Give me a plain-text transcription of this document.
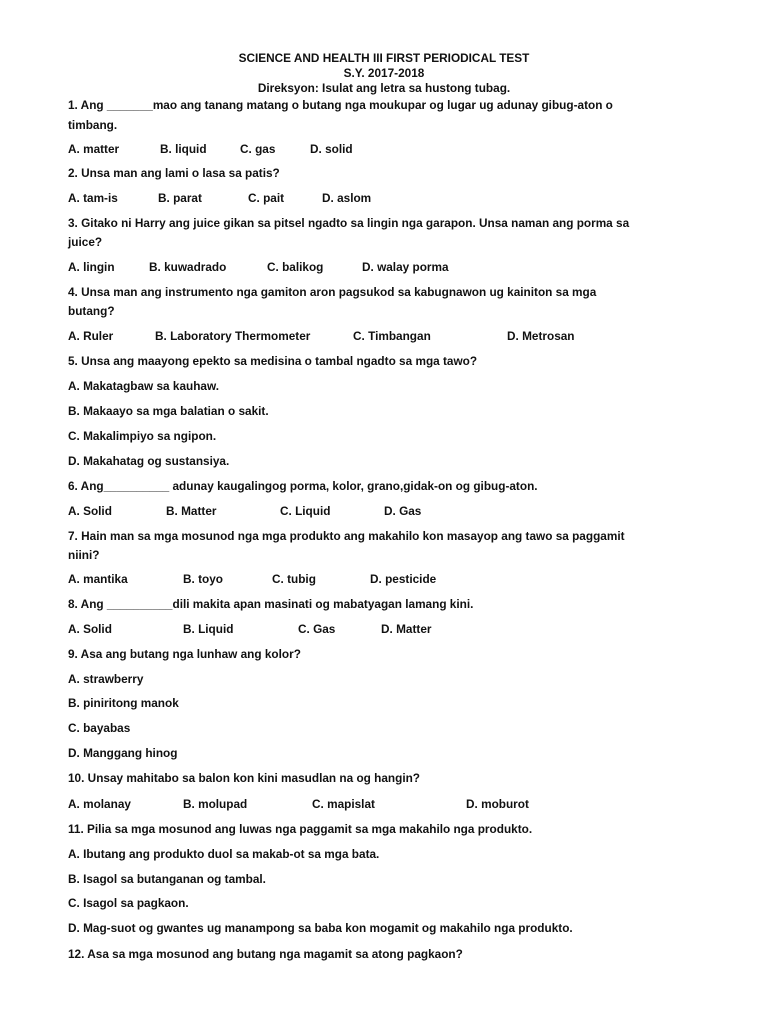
SCIENCE AND HEALTH III FIRST PERIODICAL TEST
S.Y. 2017-2018
Direksyon: Isulat ang letra sa hustong tubag.
1. Ang _______mao ang tanang matang o butang nga moukupar og lugar ug adunay gibug-aton o
timbang.
A. matter	B. liquid	C. gas	D. solid
2. Unsa man ang lami o lasa sa patis?
A. tam-is	B. parat	C. pait	D. aslom
3. Gitako ni Harry ang juice gikan sa pitsel ngadto sa lingin nga garapon. Unsa naman ang porma sa
juice?
A. lingin	B. kuwadrado	C. balikog	D. walay porma
4. Unsa man ang instrumento nga gamiton aron pagsukod sa kabugnawon ug kainiton sa mga
butang?
A. Ruler	B. Laboratory Thermometer	C. Timbangan	D. Metrosan
5. Unsa ang maayong epekto sa medisina o tambal ngadto sa mga tawo?
A. Makatagbaw sa kauhaw.
B. Makaayo sa mga balatian o sakit.
C. Makalimpiyo sa ngipon.
D. Makahatag og sustansiya.
6. Ang__________ adunay kaugalingog porma, kolor, grano,gidak-on og gibug-aton.
A. Solid	B. Matter	C. Liquid	D. Gas
7. Hain man sa mga mosunod nga mga produkto ang makahilo kon masayop ang tawo sa paggamit
niini?
A. mantika	B. toyo	C. tubig	D. pesticide
8. Ang __________dili makita apan masinati og mabatyagan lamang kini.
A. Solid	B. Liquid	C. Gas	D. Matter
9. Asa ang butang nga lunhaw ang kolor?
A. strawberry
B. piniritong manok
C. bayabas
D. Manggang hinog
10. Unsay mahitabo sa balon kon kini masudlan na og hangin?
A. molanay	B. molupad	C. mapislat	D. moburot
11. Pilia sa mga mosunod ang luwas nga paggamit sa mga makahilo nga produkto.
A. Ibutang ang produkto duol sa makab-ot sa mga bata.
B. Isagol sa butanganan og tambal.
C. Isagol sa pagkaon.
D. Mag-suot og gwantes ug manampong sa baba kon mogamit og makahilo nga produkto.
12. Asa sa mga mosunod ang butang nga magamit sa atong pagkaon?
